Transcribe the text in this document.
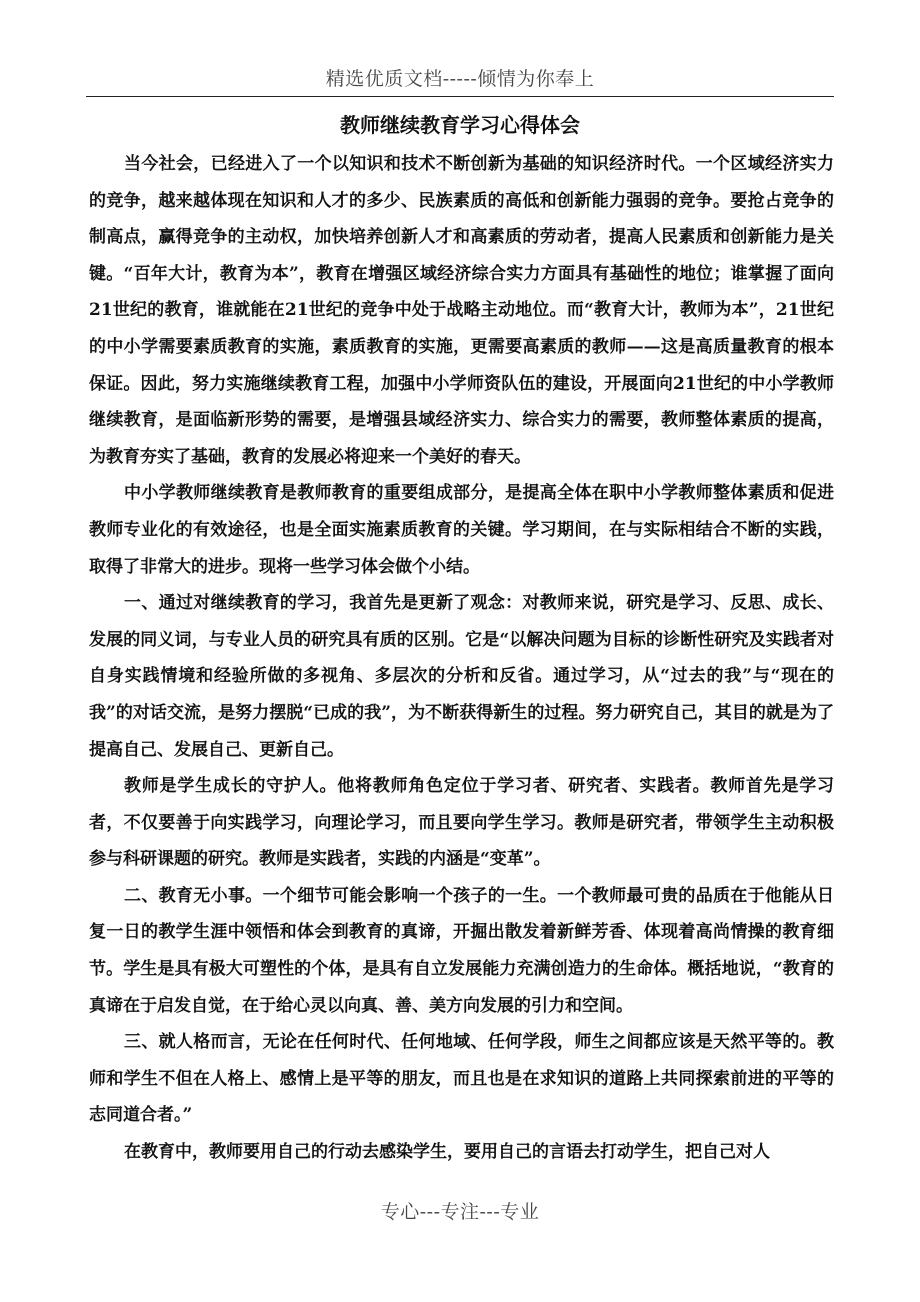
精选优质文档-----倾情为你奉上
教师继续教育学习心得体会

当今社会，已经进入了一个以知识和技术不断创新为基础的知识经济时代。一个区域经济实力的竞争，越来越体现在知识和人才的多少、民族素质的高低和创新能力强弱的竞争。要抢占竞争的制高点，赢得竞争的主动权，加快培养创新人才和高素质的劳动者，提高人民素质和创新能力是关键。“百年大计，教育为本”，教育在增强区域经济综合实力方面具有基础性的地位；谁掌握了面向21世纪的教育，谁就能在21世纪的竞争中处于战略主动地位。而“教育大计，教师为本”，21世纪的中小学需要素质教育的实施，素质教育的实施，更需要高素质的教师——这是高质量教育的根本保证。因此，努力实施继续教育工程，加强中小学师资队伍的建设，开展面向21世纪的中小学教师继续教育，是面临新形势的需要，是增强县域经济实力、综合实力的需要，教师整体素质的提高，为教育夯实了基础，教育的发展必将迎来一个美好的春天。

中小学教师继续教育是教师教育的重要组成部分，是提高全体在职中小学教师整体素质和促进教师专业化的有效途径，也是全面实施素质教育的关键。学习期间，在与实际相结合不断的实践，取得了非常大的进步。现将一些学习体会做个小结。

一、通过对继续教育的学习，我首先是更新了观念：对教师来说，研究是学习、反思、成长、发展的同义词，与专业人员的研究具有质的区别。它是“以解决问题为目标的诊断性研究及实践者对自身实践情境和经验所做的多视角、多层次的分析和反省。通过学习，从“过去的我”与“现在的我”的对话交流，是努力摆脱“已成的我”，为不断获得新生的过程。努力研究自己，其目的就是为了提高自己、发展自己、更新自己。

教师是学生成长的守护人。他将教师角色定位于学习者、研究者、实践者。教师首先是学习者，不仅要善于向实践学习，向理论学习，而且要向学生学习。教师是研究者，带领学生主动积极参与科研课题的研究。教师是实践者，实践的内涵是“变革”。

二、教育无小事。一个细节可能会影响一个孩子的一生。一个教师最可贵的品质在于他能从日复一日的教学生涯中领悟和体会到教育的真谛，开掘出散发着新鲜芳香、体现着高尚情操的教育细节。学生是具有极大可塑性的个体，是具有自立发展能力充满创造力的生命体。概括地说，“教育的真谛在于启发自觉，在于给心灵以向真、善、美方向发展的引力和空间。

三、就人格而言，无论在任何时代、任何地域、任何学段，师生之间都应该是天然平等的。教师和学生不但在人格上、感情上是平等的朋友，而且也是在求知识的道路上共同探索前进的平等的志同道合者。”

在教育中，教师要用自己的行动去感染学生，要用自己的言语去打动学生，把自己对人

专心---专注---专业
